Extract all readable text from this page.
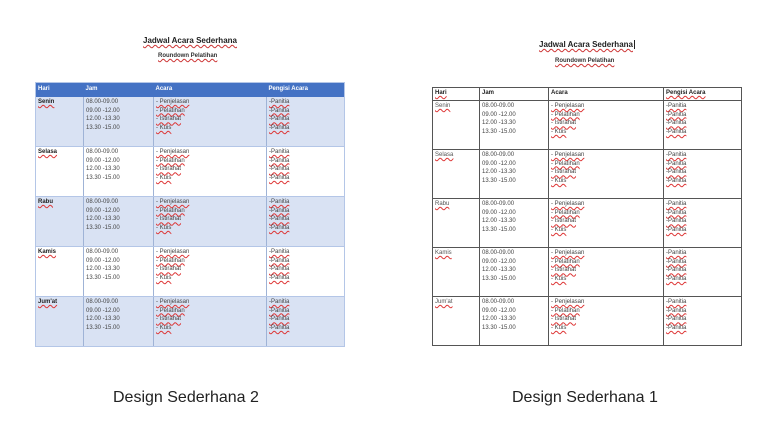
Jadwal Acara Sederhana
Roundown Pelatihan
Hari	Jam	Acara	Pengisi Acara
Senin	08.00-09.00
09.00 -12.00
12.00 -13.30
13.30 -15.00	- Penjelasan
- Pelatihan
- Istirahat
- Kuis	-Panitia
-Panitia
-Panitia
-Panitia

Selasa	08.00-09.00
09.00 -12.00
12.00 -13.30
13.30 -15.00	- Penjelasan
- Pelatihan
- Istirahat
- Kuis	-Panitia
-Panitia
-Panitia
-Panitia

Rabu	08.00-09.00
09.00 -12.00
12.00 -13.30
13.30 -15.00	- Penjelasan
- Pelatihan
- Istirahat
- Kuis	-Panitia
-Panitia
-Panitia
-Panitia

Kamis	08.00-09.00
09.00 -12.00
12.00 -13.30
13.30 -15.00	- Penjelasan
- Pelatihan
- Istirahat
- Kuis	-Panitia
-Panitia
-Panitia
-Panitia

Jum'at	08.00-09.00
09.00 -12.00
12.00 -13.30
13.30 -15.00	- Penjelasan
- Pelatihan
- Istirahat
- Kuis	-Panitia
-Panitia
-Panitia
-Panitia
Design Sederhana 2
Jadwal Acara Sederhana
Roundown Pelatihan
Hari	Jam	Acara	Pengisi Acara
Senin	08.00-09.00
09.00 -12.00
12.00 -13.30
13.30 -15.00	- Penjelasan
- Pelatihan
- Istirahat
- Kuis	-Panitia
-Panitia
-Panitia
-Panitia

Selasa	08.00-09.00
09.00 -12.00
12.00 -13.30
13.30 -15.00	- Penjelasan
- Pelatihan
- Istirahat
- Kuis	-Panitia
-Panitia
-Panitia
-Panitia

Rabu	08.00-09.00
09.00 -12.00
12.00 -13.30
13.30 -15.00	- Penjelasan
- Pelatihan
- Istirahat
- Kuis	-Panitia
-Panitia
-Panitia
-Panitia

Kamis	08.00-09.00
09.00 -12.00
12.00 -13.30
13.30 -15.00	- Penjelasan
- Pelatihan
- Istirahat
- Kuis	-Panitia
-Panitia
-Panitia
-Panitia

Jum'at	08.00-09.00
09.00 -12.00
12.00 -13.30
13.30 -15.00	- Penjelasan
- Pelatihan
- Istirahat
- Kuis	-Panitia
-Panitia
-Panitia
-Panitia
Design Sederhana 1
